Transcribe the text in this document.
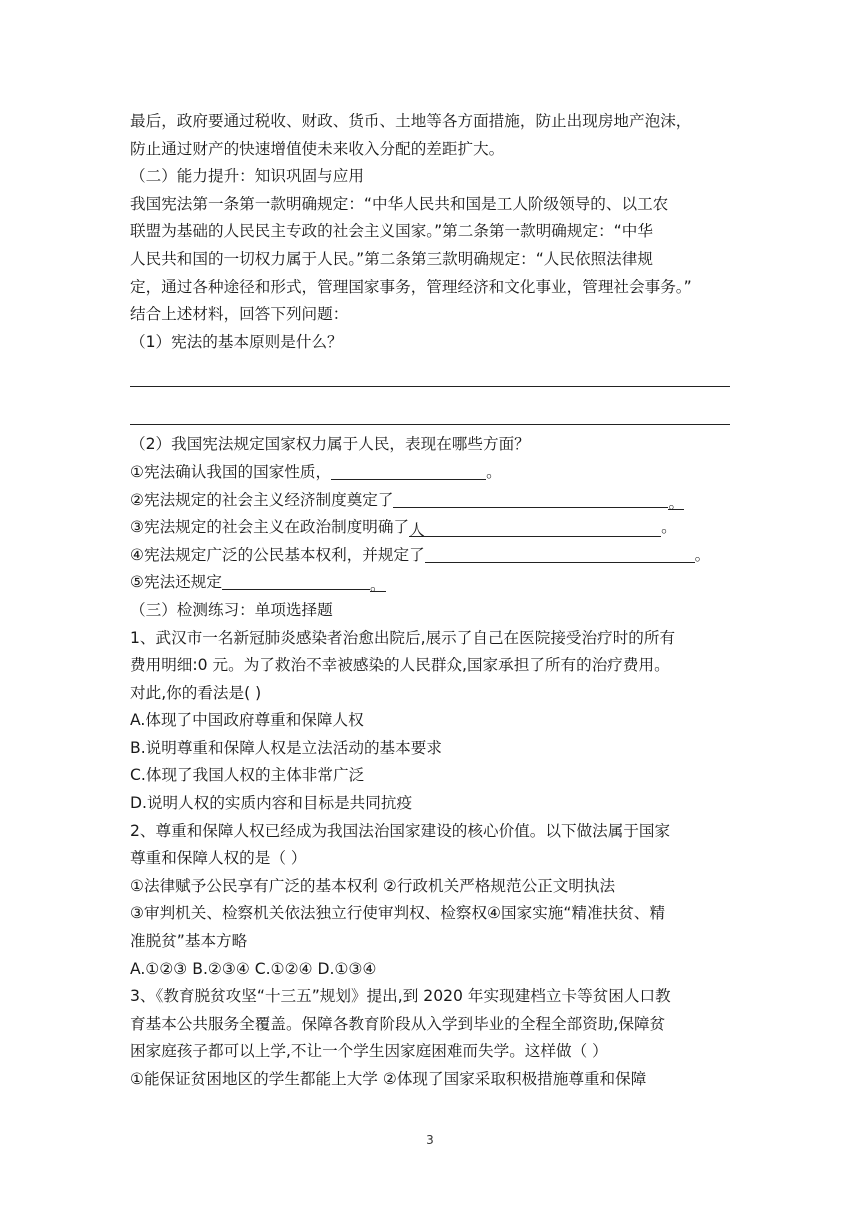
最后，政府要通过税收、财政、货币、土地等各方面措施，防止出现房地产泡沫，

防止通过财产的快速增值使未来收入分配的差距扩大。

（二）能力提升：知识巩固与应用

我国宪法第一条第一款明确规定：“中华人民共和国是工人阶级领导的、以工农

联盟为基础的人民民主专政的社会主义国家。”第二条第一款明确规定：“中华

人民共和国的一切权力属于人民。”第二条第三款明确规定：“人民依照法律规

定，通过各种途径和形式，管理国家事务，管理经济和文化事业，管理社会事务。”

结合上述材料，回答下列问题：

（1）宪法的基本原则是什么？

（2）我国宪法规定国家权力属于人民，表现在哪些方面？

①宪法确认我国的国家性质，	。

②宪法规定的社会主义经济制度奠定了	。

③宪法规定的社会主义在政治制度明确了人	。

④宪法规定广泛的公民基本权利，并规定了	。

⑤宪法还规定	。

（三）检测练习：单项选择题

1、武汉市一名新冠肺炎感染者治愈出院后,展示了自己在医院接受治疗时的所有

费用明细:0 元。为了救治不幸被感染的人民群众,国家承担了所有的治疗费用。

对此,你的看法是( )

A.体现了中国政府尊重和保障人权

B.说明尊重和保障人权是立法活动的基本要求

C.体现了我国人权的主体非常广泛

D.说明人权的实质内容和目标是共同抗疫

2、尊重和保障人权已经成为我国法治国家建设的核心价值。以下做法属于国家

尊重和保障人权的是（ ）

①法律赋予公民享有广泛的基本权利 ②行政机关严格规范公正文明执法

③审判机关、检察机关依法独立行使审判权、检察权④国家实施“精准扶贫、精

准脱贫”基本方略

A.①②③ B.②③④ C.①②④ D.①③④

3、《教育脱贫攻坚“十三五”规划》提出,到 2020 年实现建档立卡等贫困人口教

育基本公共服务全覆盖。保障各教育阶段从入学到毕业的全程全部资助,保障贫

困家庭孩子都可以上学,不让一个学生因家庭困难而失学。这样做（ ）

①能保证贫困地区的学生都能上大学 ②体现了国家采取积极措施尊重和保障

3
